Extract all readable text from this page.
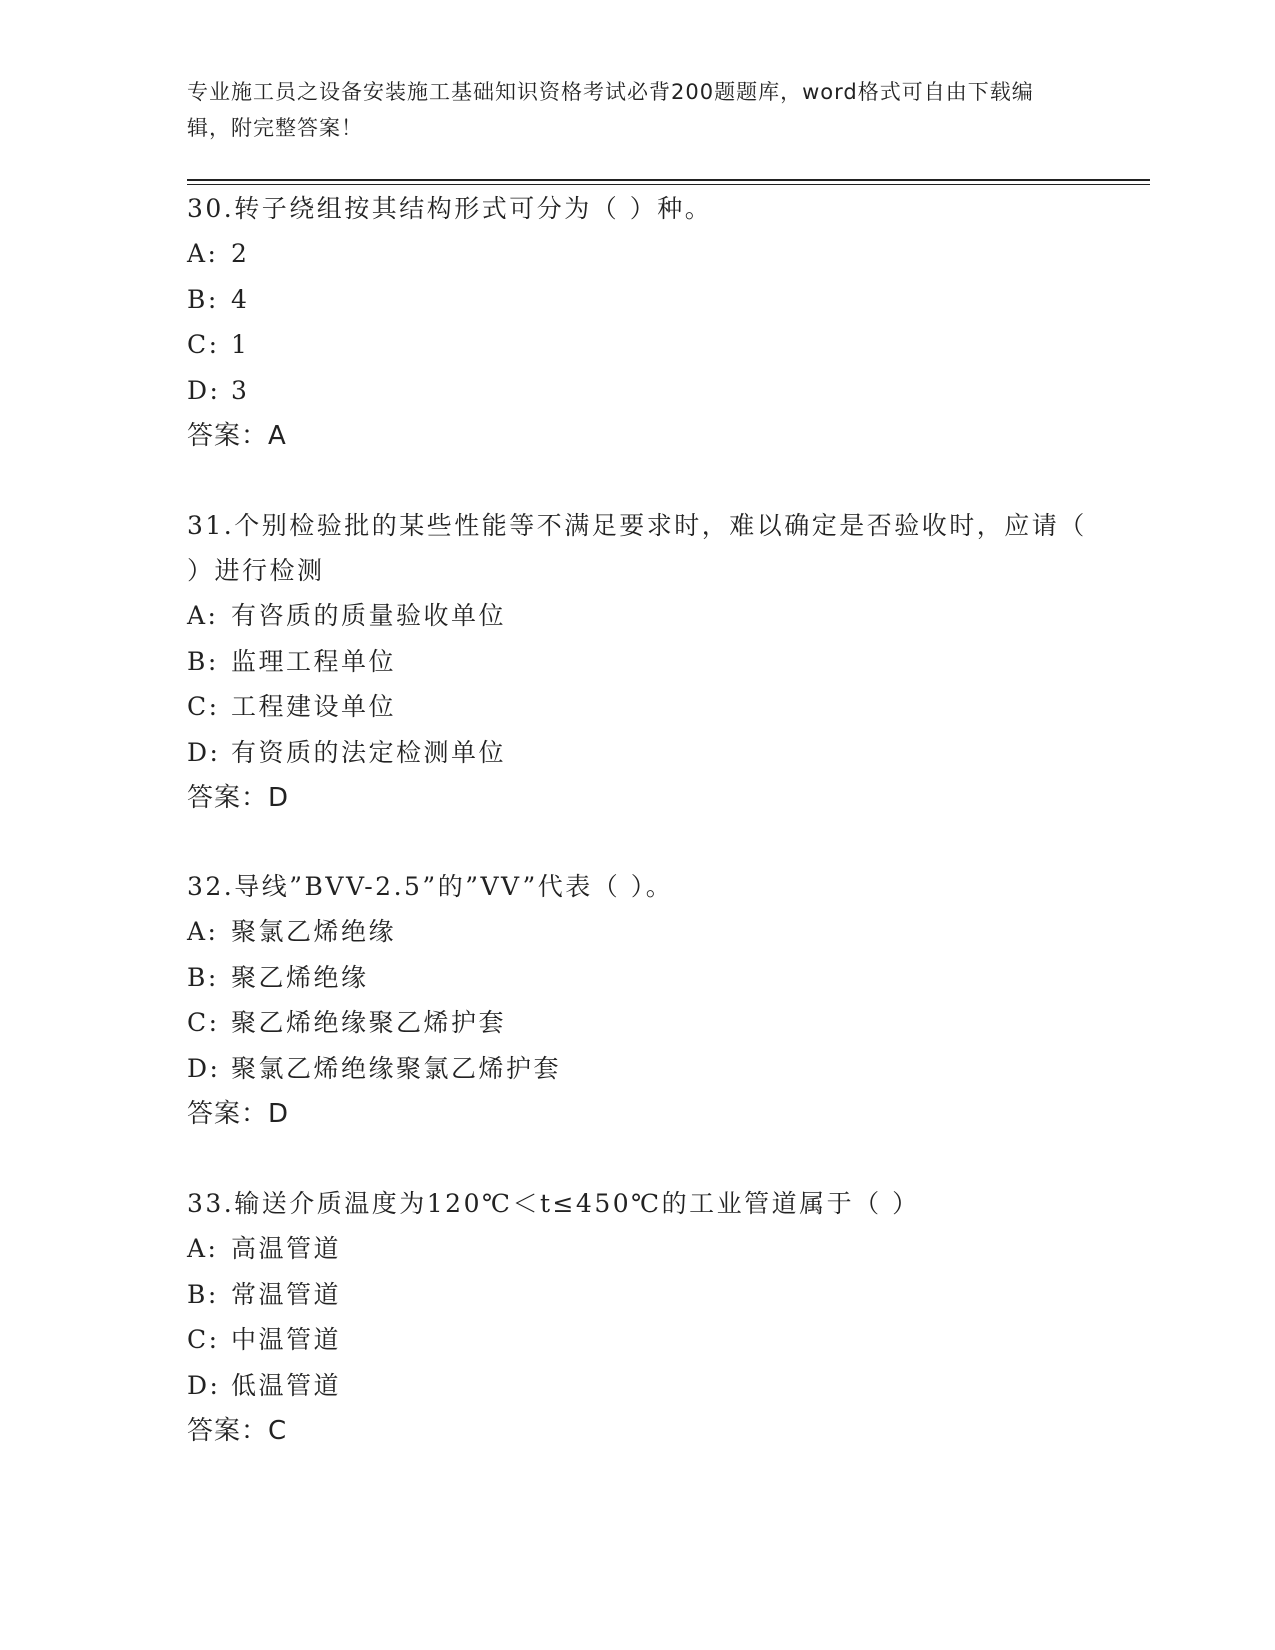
专业施工员之设备安装施工基础知识资格考试必背200题题库，word格式可自由下载编辑，附完整答案！

30.转子绕组按其结构形式可分为（ ）种。

A: 2
B: 4
C: 1
D: 3

答案：A

31.个别检验批的某些性能等不满足要求时，难以确定是否验收时，应请（ ）进行检测

A: 有咨质的质量验收单位
B: 监理工程单位
C: 工程建设单位
D: 有资质的法定检测单位

答案：D

32.导线”BVV-2.5”的”VV”代表（ ）。

A: 聚氯乙烯绝缘
B: 聚乙烯绝缘
C: 聚乙烯绝缘聚乙烯护套
D: 聚氯乙烯绝缘聚氯乙烯护套

答案：D

33.输送介质温度为120℃＜t≤450℃的工业管道属于（ ）

A: 高温管道
B: 常温管道
C: 中温管道
D: 低温管道

答案：C
